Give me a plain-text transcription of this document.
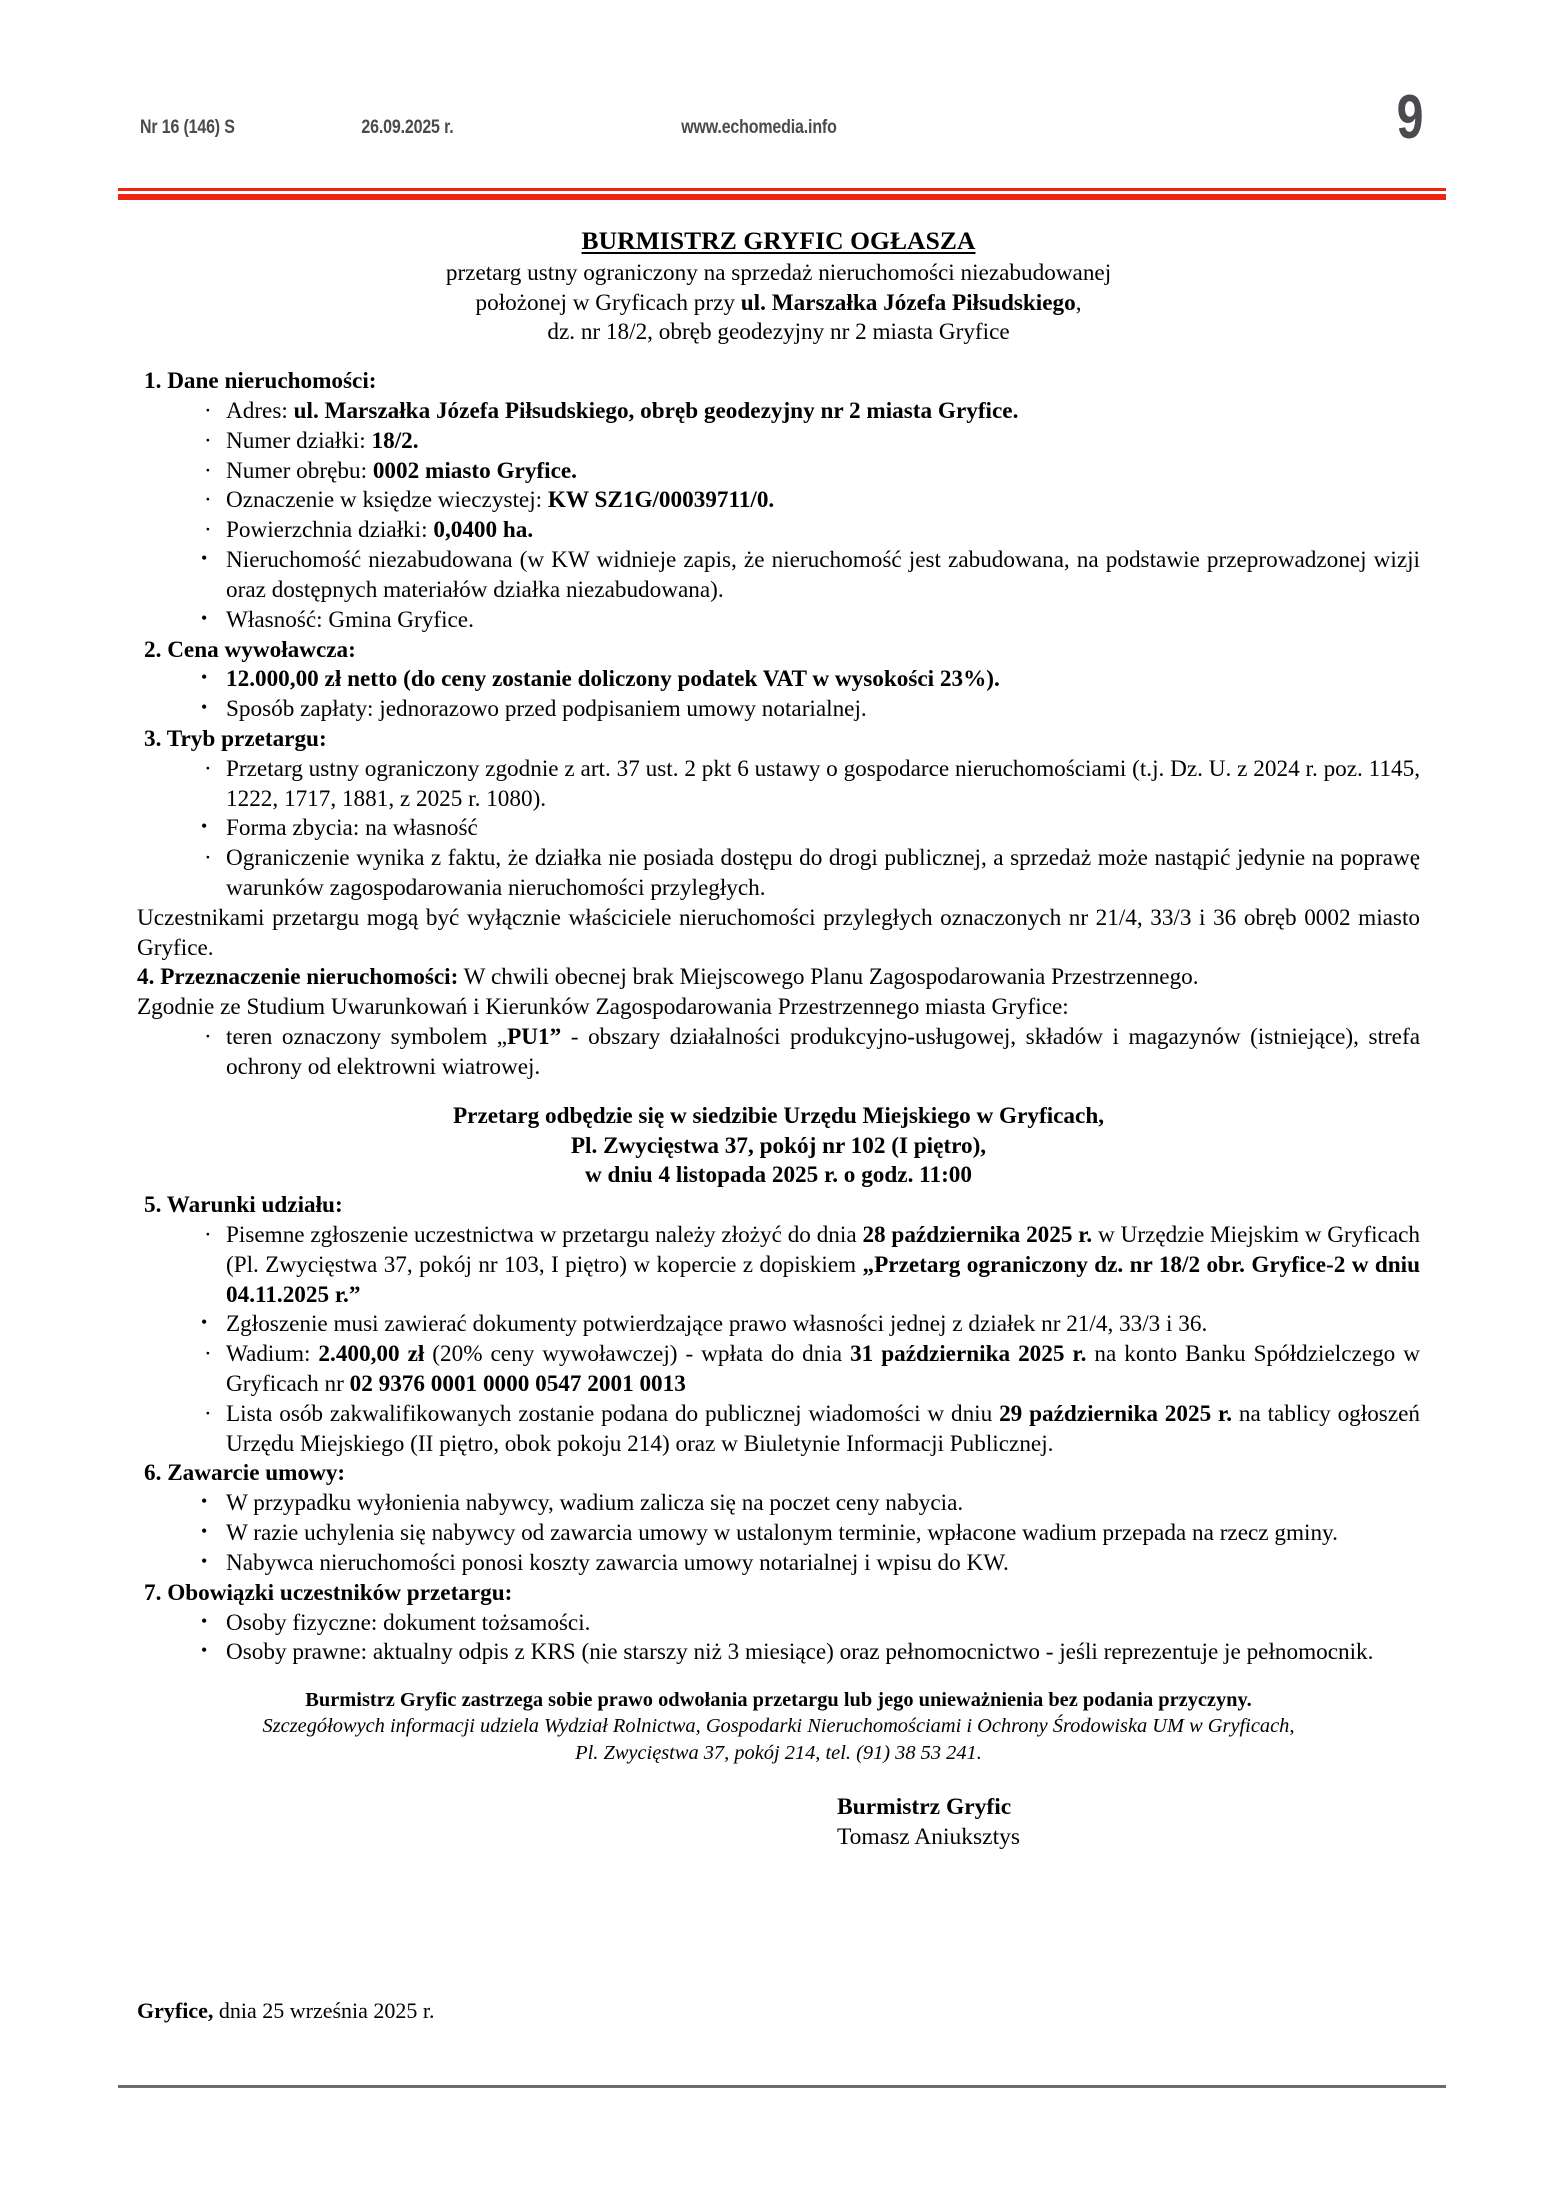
Nr 16 (146) S	26.09.2025 r.	www.echomedia.info	9
BURMISTRZ GRYFIC OGŁASZA
przetarg ustny ograniczony na sprzedaż nieruchomości niezabudowanej
położonej w Gryficach przy ul. Marszałka Józefa Piłsudskiego,
dz. nr 18/2, obręb geodezyjny nr 2 miasta Gryfice
1. Dane nieruchomości:
· Adres: ul. Marszałka Józefa Piłsudskiego, obręb geodezyjny nr 2 miasta Gryfice.
· Numer działki: 18/2.
· Numer obrębu: 0002 miasto Gryfice.
· Oznaczenie w księdze wieczystej: KW SZ1G/00039711/0.
· Powierzchnia działki: 0,0400 ha.
• Nieruchomość niezabudowana (w KW widnieje zapis, że nieruchomość jest zabudowana, na podstawie przeprowadzonej wizji oraz dostępnych materiałów działka niezabudowana).
• Własność: Gmina Gryfice.
2. Cena wywoławcza:
• 12.000,00 zł netto (do ceny zostanie doliczony podatek VAT w wysokości 23%).
• Sposób zapłaty: jednorazowo przed podpisaniem umowy notarialnej.
3. Tryb przetargu:
· Przetarg ustny ograniczony zgodnie z art. 37 ust. 2 pkt 6 ustawy o gospodarce nieruchomościami (t.j. Dz. U. z 2024 r. poz. 1145, 1222, 1717, 1881, z 2025 r. 1080).
• Forma zbycia: na własność
· Ograniczenie wynika z faktu, że działka nie posiada dostępu do drogi publicznej, a sprzedaż może nastąpić jedynie na poprawę warunków zagospodarowania nieruchomości przyległych.
Uczestnikami przetargu mogą być wyłącznie właściciele nieruchomości przyległych oznaczonych nr 21/4, 33/3 i 36 obręb 0002 miasto Gryfice.
4. Przeznaczenie nieruchomości: W chwili obecnej brak Miejscowego Planu Zagospodarowania Przestrzennego.
Zgodnie ze Studium Uwarunkowań i Kierunków Zagospodarowania Przestrzennego miasta Gryfice:
· teren oznaczony symbolem „PU1” - obszary działalności produkcyjno-usługowej, składów i magazynów (istniejące), strefa ochrony od elektrowni wiatrowej.
Przetarg odbędzie się w siedzibie Urzędu Miejskiego w Gryficach,
Pl. Zwycięstwa 37, pokój nr 102 (I piętro),
w dniu 4 listopada 2025 r. o godz. 11:00
5. Warunki udziału:
· Pisemne zgłoszenie uczestnictwa w przetargu należy złożyć do dnia 28 października 2025 r. w Urzędzie Miejskim w Gryficach (Pl. Zwycięstwa 37, pokój nr 103, I piętro) w kopercie z dopiskiem „Przetarg ograniczony dz. nr 18/2 obr. Gryfice-2 w dniu 04.11.2025 r.”
• Zgłoszenie musi zawierać dokumenty potwierdzające prawo własności jednej z działek nr 21/4, 33/3 i 36.
· Wadium: 2.400,00 zł (20% ceny wywoławczej) - wpłata do dnia 31 października 2025 r. na konto Banku Spółdzielczego w Gryficach nr 02 9376 0001 0000 0547 2001 0013
· Lista osób zakwalifikowanych zostanie podana do publicznej wiadomości w dniu 29 października 2025 r. na tablicy ogłoszeń Urzędu Miejskiego (II piętro, obok pokoju 214) oraz w Biuletynie Informacji Publicznej.
6. Zawarcie umowy:
• W przypadku wyłonienia nabywcy, wadium zalicza się na poczet ceny nabycia.
• W razie uchylenia się nabywcy od zawarcia umowy w ustalonym terminie, wpłacone wadium przepada na rzecz gminy.
• Nabywca nieruchomości ponosi koszty zawarcia umowy notarialnej i wpisu do KW.
7. Obowiązki uczestników przetargu:
• Osoby fizyczne: dokument tożsamości.
• Osoby prawne: aktualny odpis z KRS (nie starszy niż 3 miesiące) oraz pełnomocnictwo - jeśli reprezentuje je pełnomocnik.
Burmistrz Gryfic zastrzega sobie prawo odwołania przetargu lub jego unieważnienia bez podania przyczyny.
Szczegółowych informacji udziela Wydział Rolnictwa, Gospodarki Nieruchomościami i Ochrony Środowiska UM w Gryficach,
Pl. Zwycięstwa 37, pokój 214, tel. (91) 38 53 241.
Burmistrz Gryfic
Tomasz Aniuksztys
Gryfice, dnia 25 września 2025 r.
